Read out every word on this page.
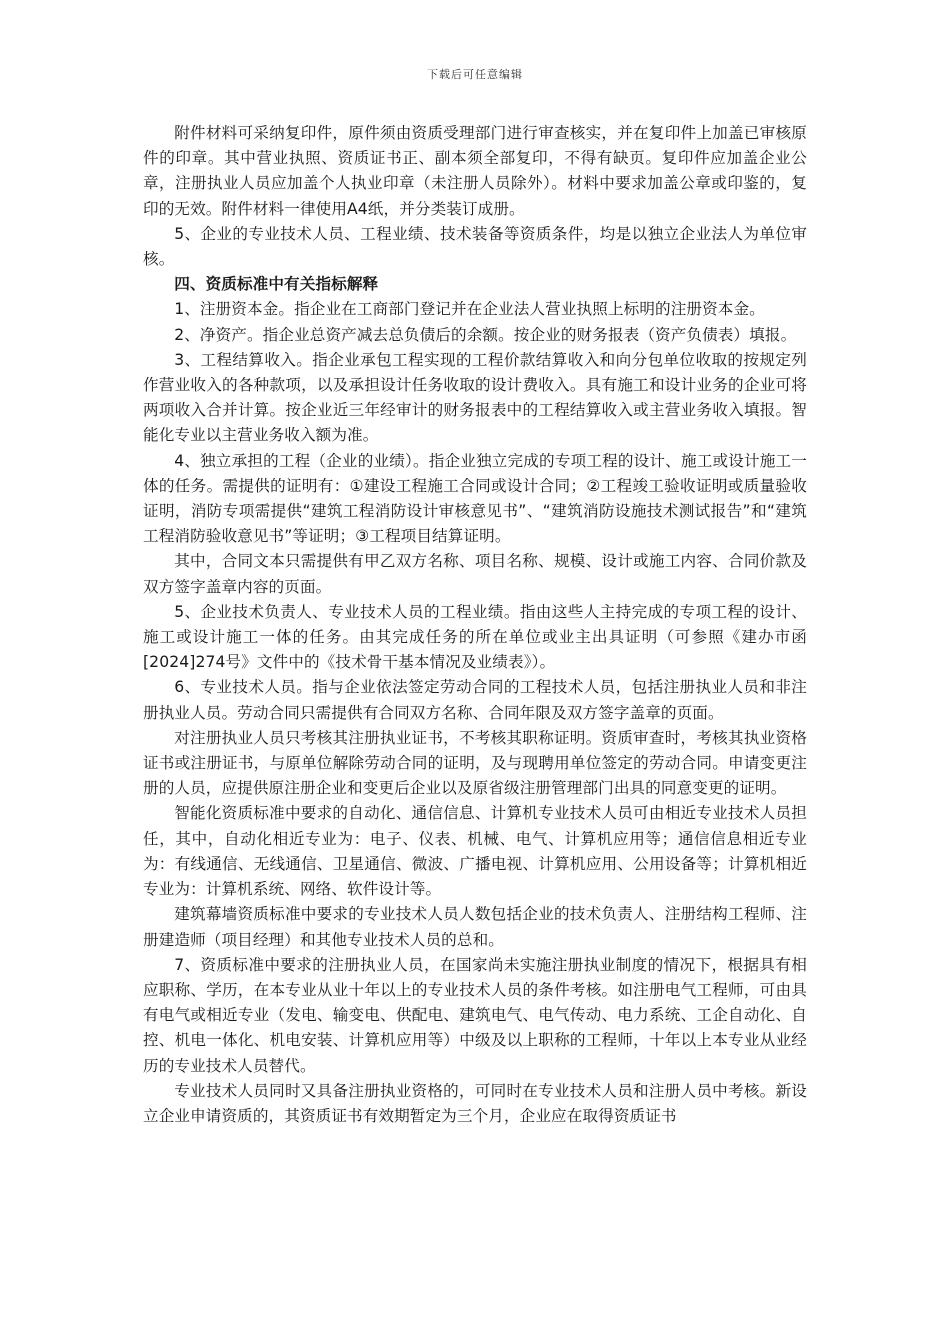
下载后可任意编辑

附件材料可采纳复印件，原件须由资质受理部门进行审查核实，并在复印件上加盖已审核原件的印章。其中营业执照、资质证书正、副本须全部复印，不得有缺页。复印件应加盖企业公章，注册执业人员应加盖个人执业印章（未注册人员除外）。材料中要求加盖公章或印鉴的，复印的无效。附件材料一律使用A4纸，并分类装订成册。

5、企业的专业技术人员、工程业绩、技术装备等资质条件，均是以独立企业法人为单位审核。

四、资质标准中有关指标解释

1、注册资本金。指企业在工商部门登记并在企业法人营业执照上标明的注册资本金。

2、净资产。指企业总资产减去总负债后的余额。按企业的财务报表（资产负债表）填报。

3、工程结算收入。指企业承包工程实现的工程价款结算收入和向分包单位收取的按规定列作营业收入的各种款项，以及承担设计任务收取的设计费收入。具有施工和设计业务的企业可将两项收入合并计算。按企业近三年经审计的财务报表中的工程结算收入或主营业务收入填报。智能化专业以主营业务收入额为准。

4、独立承担的工程（企业的业绩）。指企业独立完成的专项工程的设计、施工或设计施工一体的任务。需提供的证明有：①建设工程施工合同或设计合同；②工程竣工验收证明或质量验收证明，消防专项需提供“建筑工程消防设计审核意见书”、“建筑消防设施技术测试报告”和“建筑工程消防验收意见书”等证明；③工程项目结算证明。

其中，合同文本只需提供有甲乙双方名称、项目名称、规模、设计或施工内容、合同价款及双方签字盖章内容的页面。

5、企业技术负责人、专业技术人员的工程业绩。指由这些人主持完成的专项工程的设计、施工或设计施工一体的任务。由其完成任务的所在单位或业主出具证明（可参照《建办市函[2024]274号》文件中的《技术骨干基本情况及业绩表》）。

6、专业技术人员。指与企业依法签定劳动合同的工程技术人员，包括注册执业人员和非注册执业人员。劳动合同只需提供有合同双方名称、合同年限及双方签字盖章的页面。

对注册执业人员只考核其注册执业证书，不考核其职称证明。资质审查时，考核其执业资格证书或注册证书，与原单位解除劳动合同的证明，及与现聘用单位签定的劳动合同。申请变更注册的人员，应提供原注册企业和变更后企业以及原省级注册管理部门出具的同意变更的证明。

智能化资质标准中要求的自动化、通信信息、计算机专业技术人员可由相近专业技术人员担任，其中，自动化相近专业为：电子、仪表、机械、电气、计算机应用等；通信信息相近专业为：有线通信、无线通信、卫星通信、微波、广播电视、计算机应用、公用设备等；计算机相近专业为：计算机系统、网络、软件设计等。

建筑幕墙资质标准中要求的专业技术人员人数包括企业的技术负责人、注册结构工程师、注册建造师（项目经理）和其他专业技术人员的总和。

7、资质标准中要求的注册执业人员，在国家尚未实施注册执业制度的情况下，根据具有相应职称、学历，在本专业从业十年以上的专业技术人员的条件考核。如注册电气工程师，可由具有电气或相近专业（发电、输变电、供配电、建筑电气、电气传动、电力系统、工企自动化、自控、机电一体化、机电安装、计算机应用等）中级及以上职称的工程师，十年以上本专业从业经历的专业技术人员替代。

专业技术人员同时又具备注册执业资格的，可同时在专业技术人员和注册人员中考核。新设立企业申请资质的，其资质证书有效期暂定为三个月，企业应在取得资质证书
